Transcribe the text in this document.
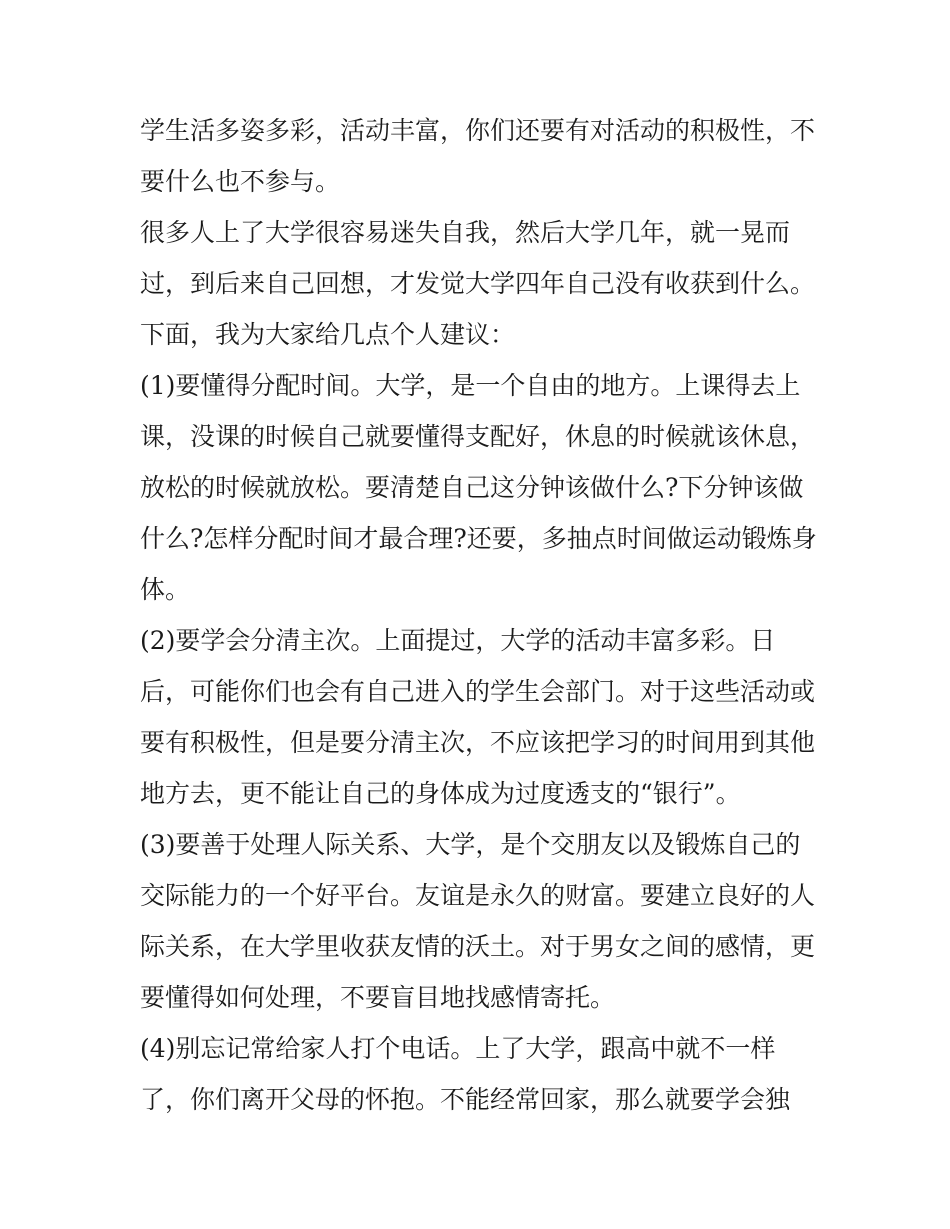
学生活多姿多彩，活动丰富，你们还要有对活动的积极性，不
要什么也不参与。
很多人上了大学很容易迷失自我，然后大学几年，就一晃而
过，到后来自己回想，才发觉大学四年自己没有收获到什么。
下面，我为大家给几点个人建议：
(1)要懂得分配时间。大学，是一个自由的地方。上课得去上
课，没课的时候自己就要懂得支配好，休息的时候就该休息，
放松的时候就放松。要清楚自己这分钟该做什么?下分钟该做
什么?怎样分配时间才最合理?还要，多抽点时间做运动锻炼身
体。
(2)要学会分清主次。上面提过，大学的活动丰富多彩。日
后，可能你们也会有自己进入的学生会部门。对于这些活动或
要有积极性，但是要分清主次，不应该把学习的时间用到其他
地方去，更不能让自己的身体成为过度透支的“银行”。
(3)要善于处理人际关系、大学，是个交朋友以及锻炼自己的
交际能力的一个好平台。友谊是永久的财富。要建立良好的人
际关系，在大学里收获友情的沃土。对于男女之间的感情，更
要懂得如何处理，不要盲目地找感情寄托。
(4)别忘记常给家人打个电话。上了大学，跟高中就不一样
了，你们离开父母的怀抱。不能经常回家，那么就要学会独
